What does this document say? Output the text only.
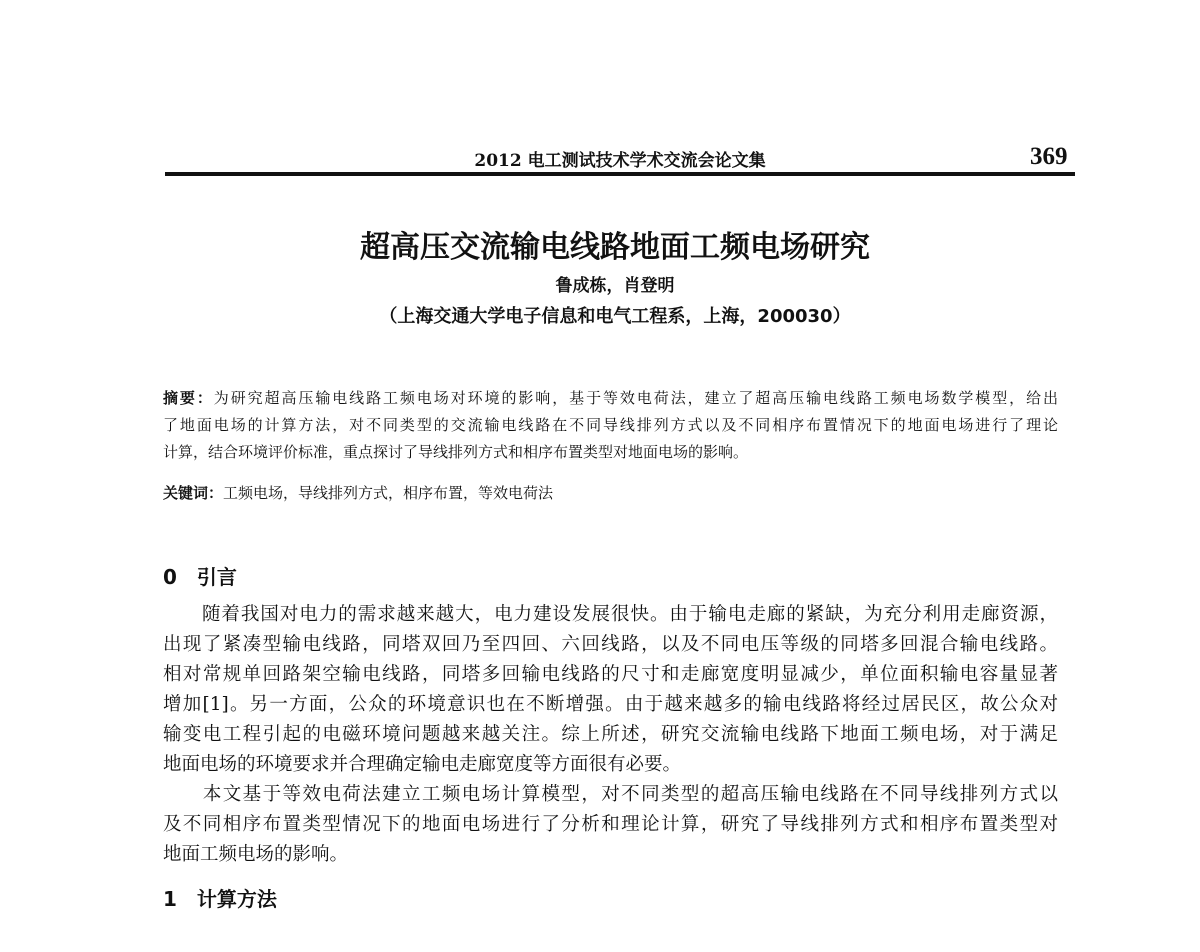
2012 电工测试技术学术交流会论文集	369
超高压交流输电线路地面工频电场研究
鲁成栋，肖登明
（上海交通大学电子信息和电气工程系，上海，200030）
摘要：为研究超高压输电线路工频电场对环境的影响，基于等效电荷法，建立了超高压输电线路工频电场数学模型，给出
了地面电场的计算方法，对不同类型的交流输电线路在不同导线排列方式以及不同相序布置情况下的地面电场进行了理论
计算，结合环境评价标准，重点探讨了导线排列方式和相序布置类型对地面电场的影响。
关键词：工频电场，导线排列方式，相序布置，等效电荷法
0　引言
　　随着我国对电力的需求越来越大，电力建设发展很快。由于输电走廊的紧缺，为充分利用走廊资源，
出现了紧凑型输电线路，同塔双回乃至四回、六回线路，以及不同电压等级的同塔多回混合输电线路。
相对常规单回路架空输电线路，同塔多回输电线路的尺寸和走廊宽度明显减少，单位面积输电容量显著
增加[1]。另一方面，公众的环境意识也在不断增强。由于越来越多的输电线路将经过居民区，故公众对
输变电工程引起的电磁环境问题越来越关注。综上所述，研究交流输电线路下地面工频电场，对于满足
地面电场的环境要求并合理确定输电走廊宽度等方面很有必要。
　　本文基于等效电荷法建立工频电场计算模型，对不同类型的超高压输电线路在不同导线排列方式以
及不同相序布置类型情况下的地面电场进行了分析和理论计算，研究了导线排列方式和相序布置类型对
地面工频电场的影响。
1　计算方法
